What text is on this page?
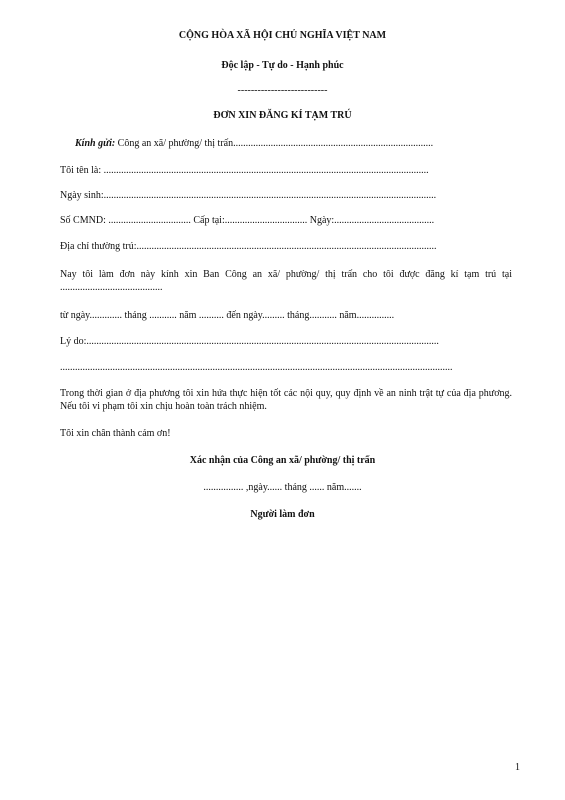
CỘNG HÒA XÃ HỘI CHỦ NGHĨA VIỆT NAM
Độc lập - Tự do - Hạnh phúc
---------------------------
ĐƠN XIN ĐĂNG KÍ TẠM TRÚ
Kính gửi: Công an xã/ phường/ thị trấn................................................................................
Tôi tên là: ..................................................................................................................................
Ngày sinh:.....................................................................................................................................
Số CMND: ................................. Cấp tại:................................. Ngày:........................................
Địa chỉ thường trú:........................................................................................................................
Nay tôi làm đơn này kính xin Ban Công an xã/ phường/ thị trấn cho tôi được đăng kí tạm trú tại .........................................
từ ngày............. tháng ........... năm .......... đến ngày......... tháng........... năm...............
Lý do:.............................................................................................................................................
.............................................................................................................................................................
Trong thời gian ở địa phương tôi xin hứa thực hiện tốt các nội quy, quy định về an ninh trật tự của địa phương. Nếu tôi vi phạm tôi xin chịu hoàn toàn trách nhiệm.
Tôi xin chân thành cảm ơn!
Xác nhận của Công an xã/ phường/ thị trấn
................ ,ngày...... tháng ...... năm.......
Người làm đơn
1
